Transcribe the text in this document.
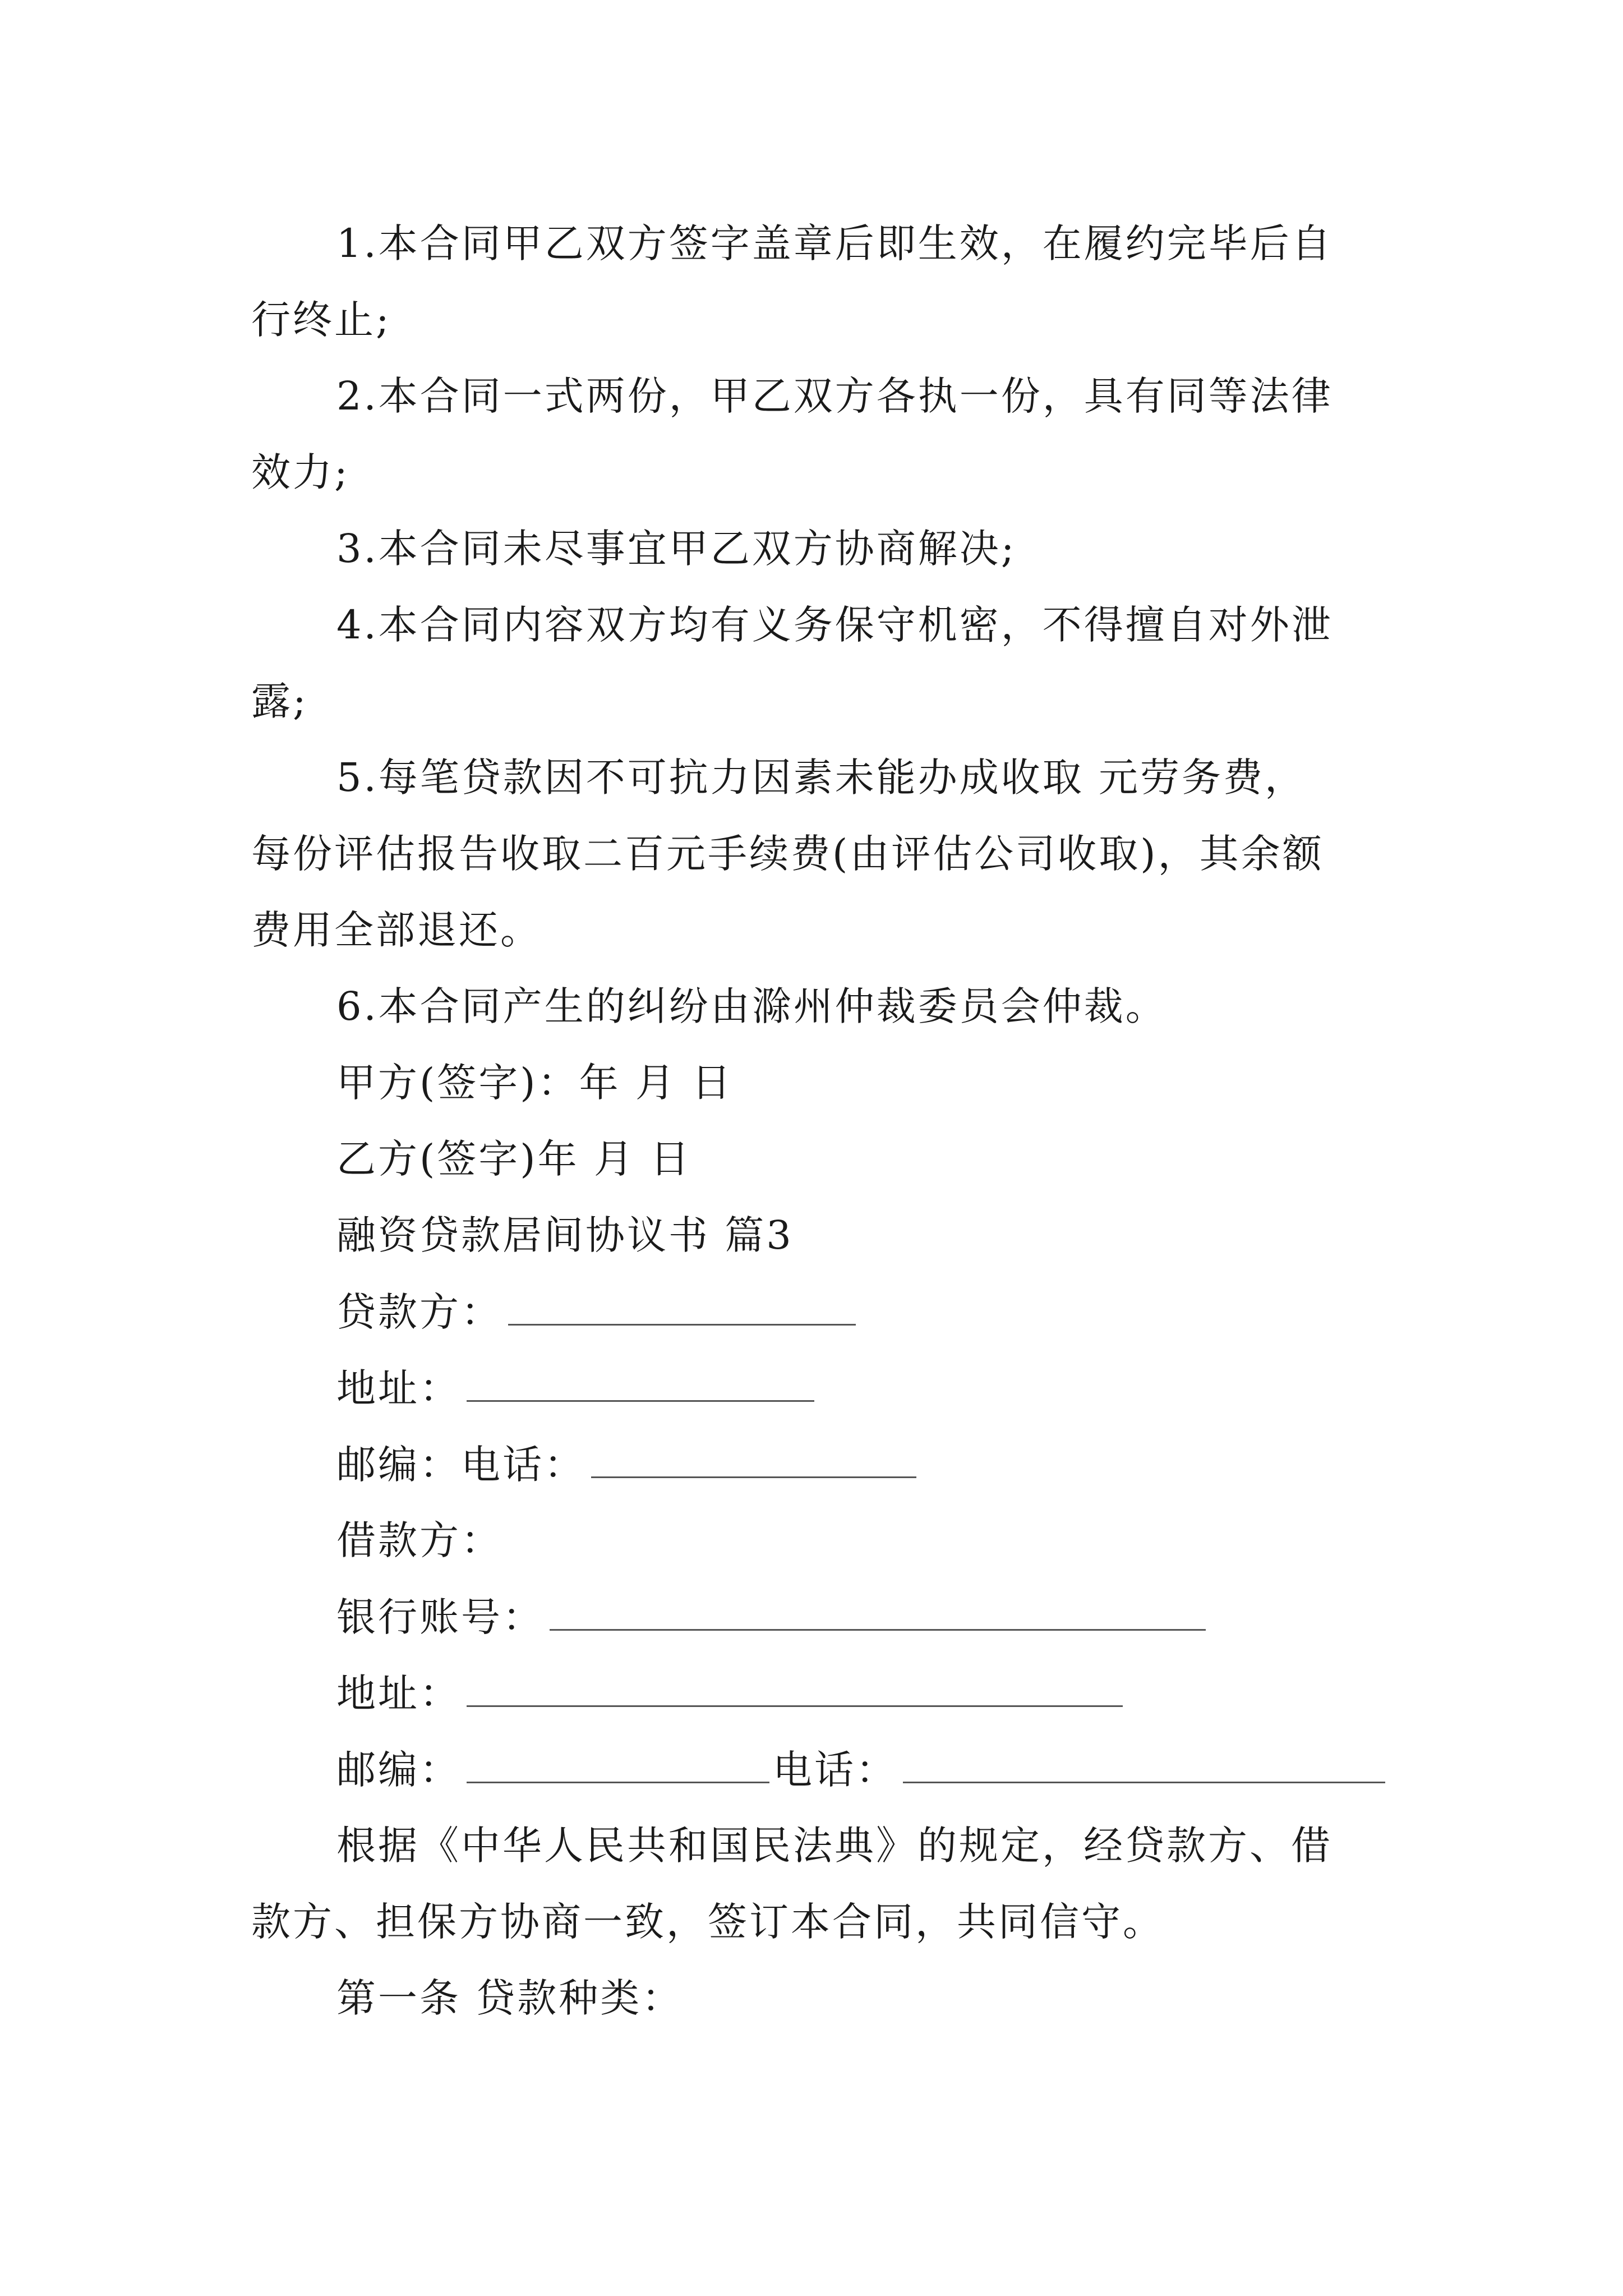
1.本合同甲乙双方签字盖章后即生效，在履约完毕后自
行终止;
2.本合同一式两份，甲乙双方各执一份，具有同等法律
效力;
3.本合同未尽事宜甲乙双方协商解决;
4.本合同内容双方均有义务保守机密，不得擅自对外泄
露;
5.每笔贷款因不可抗力因素未能办成收取 元劳务费，
每份评估报告收取二百元手续费(由评估公司收取)，其余额
费用全部退还。
6.本合同产生的纠纷由滁州仲裁委员会仲裁。
甲方(签字)：年 月 日
乙方(签字)年 月 日
融资贷款居间协议书 篇3
贷款方：
地址：
邮编：电话：
借款方：
银行账号：
地址：
邮编：	电话：
根据《中华人民共和国民法典》的规定，经贷款方、借
款方、担保方协商一致，签订本合同，共同信守。
第一条 贷款种类：
